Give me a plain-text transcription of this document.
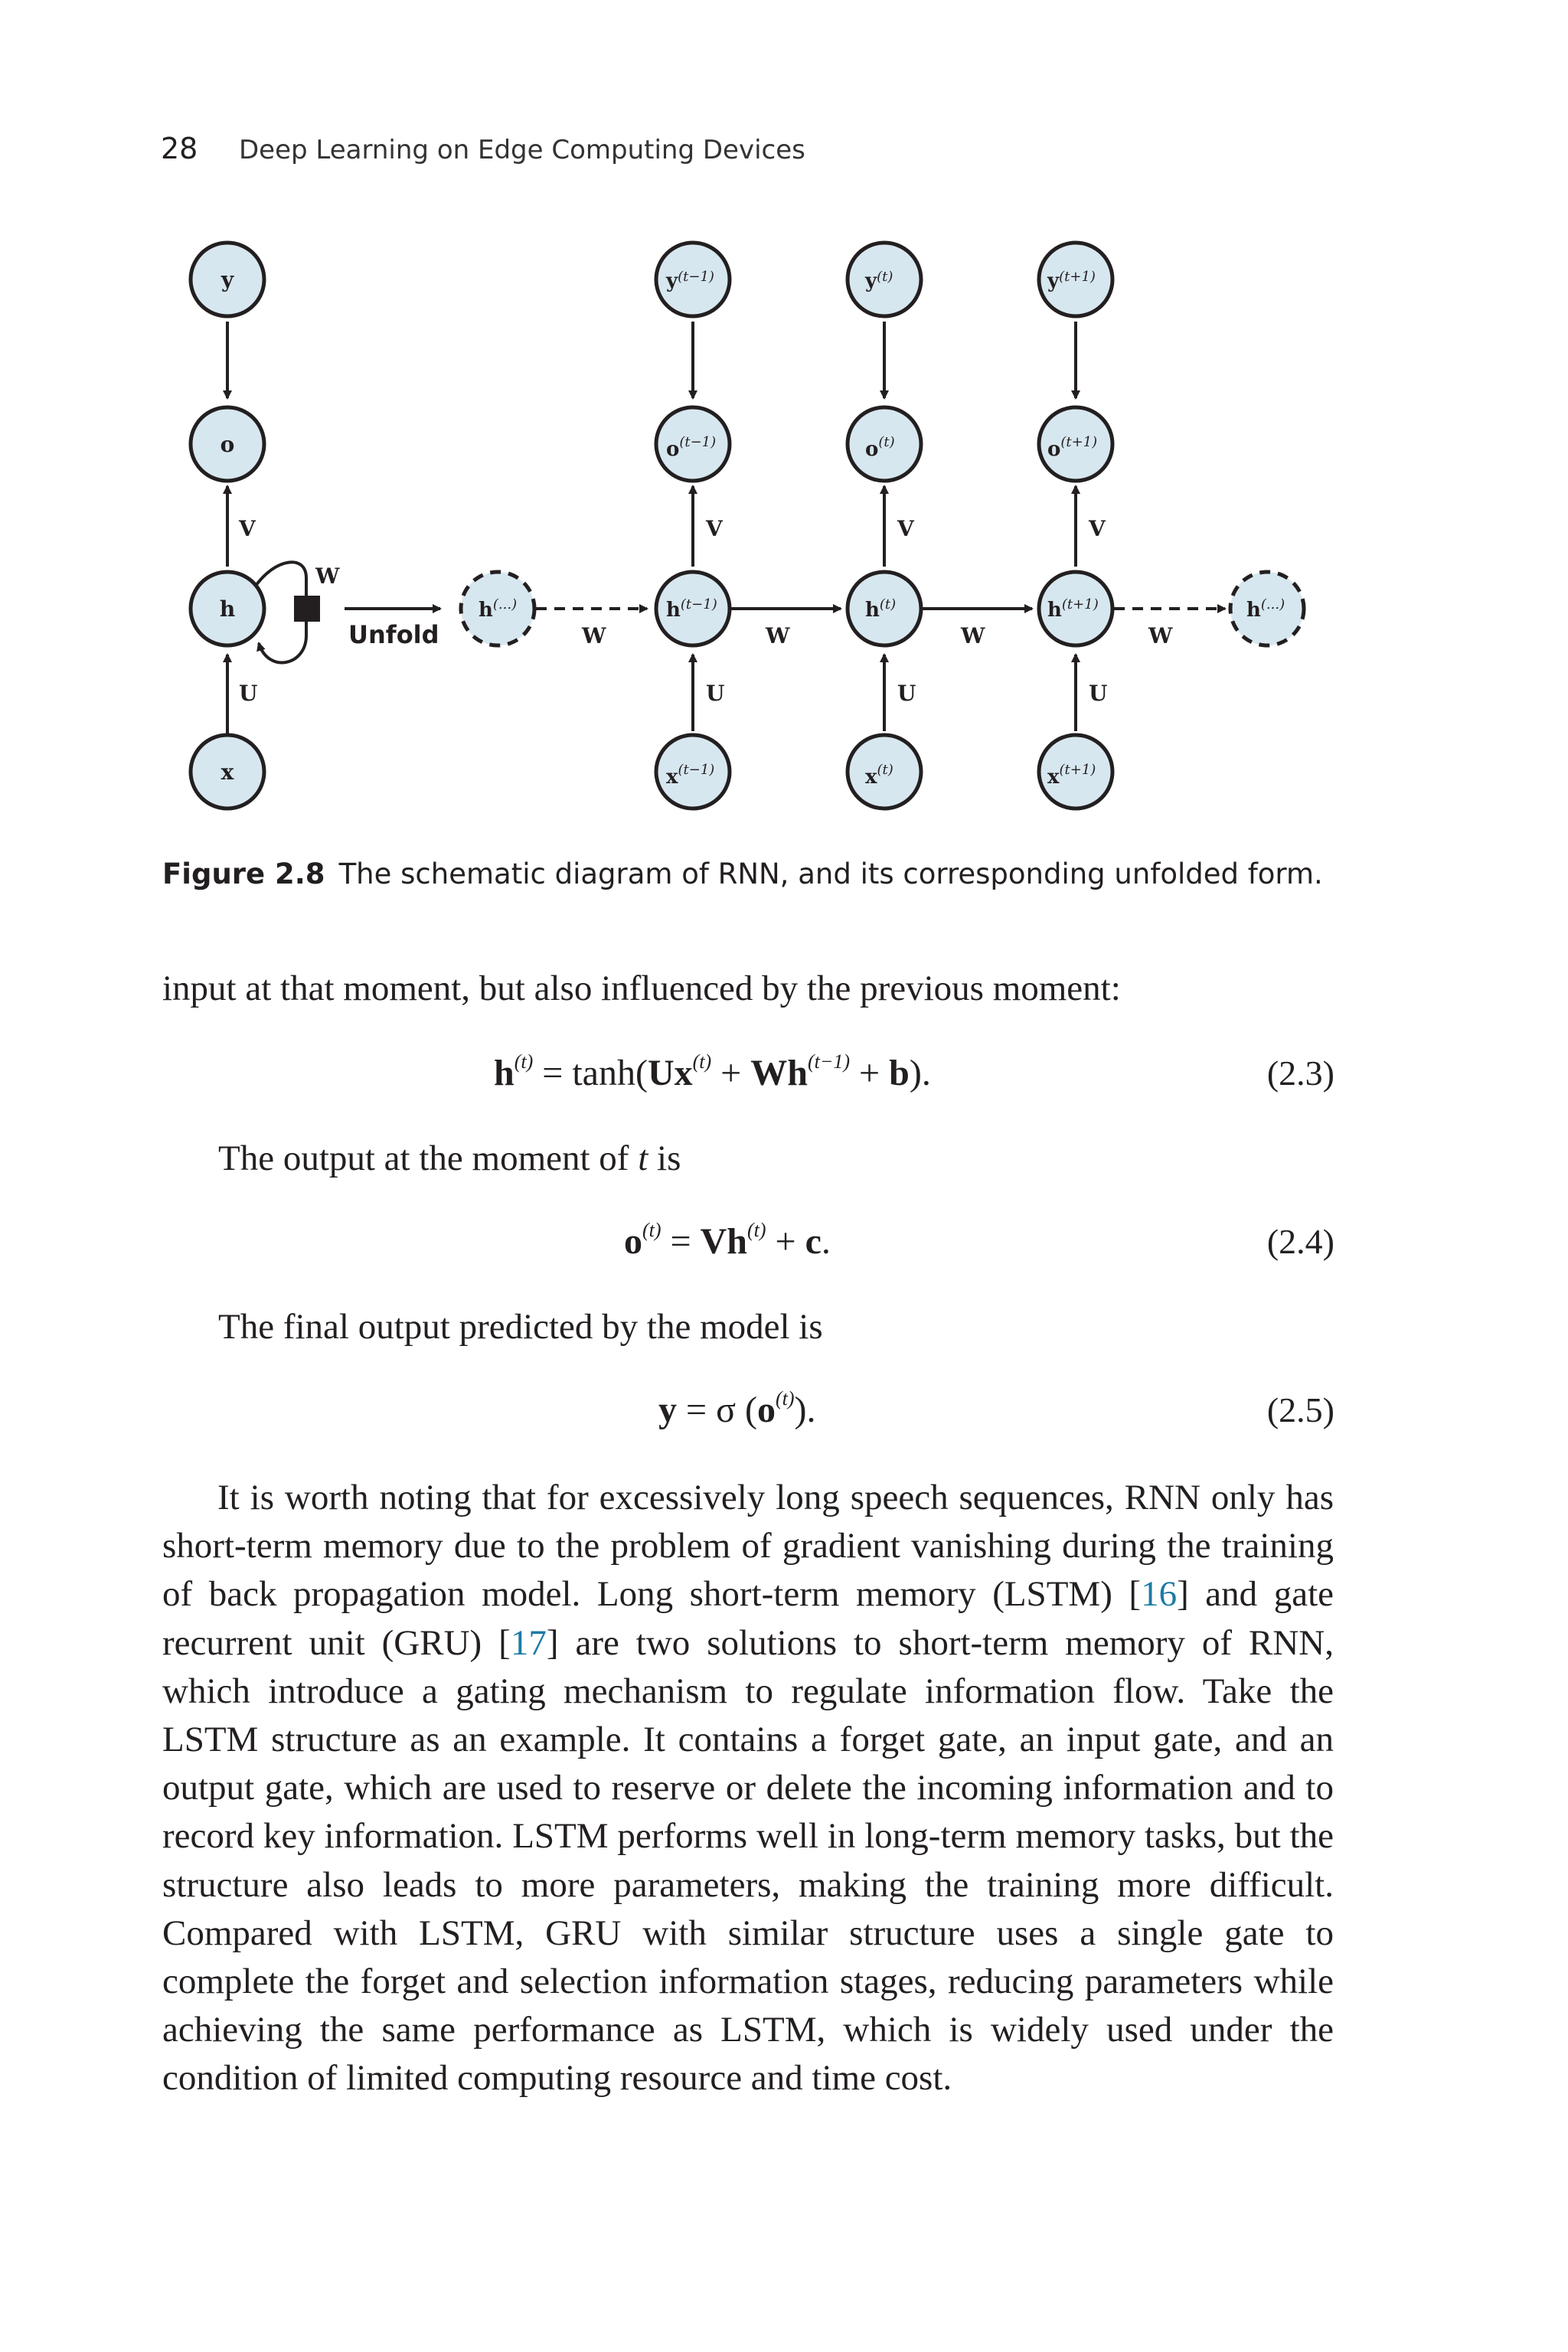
28 Deep Learning on Edge Computing Devices
W
V
U
y
o
h
x
Unfold
h(...)
W
V
U
$y^{(t-1)}$
$o^{(t-1)}$
$h^{(t-1)}$
$x^{(t-1)}$
W
V
U
$y^{(t)}$
$o^{(t)}$
$h^{(t)}$
$x^{(t)}$
W
V
U
$y^{(t+1)}$
$o^{(t+1)}$
$h^{(t+1)}$
$x^{(t+1)}$
W
h(...)
Figure 2.8 The schematic diagram of RNN, and its corresponding unfolded form.
input at that moment, but also influenced by the previous moment:
$h^{(t)} = \tanh(Ux^{(t)} + Wh^{(t-1)} + b)$.	(2.3)
The output at the moment of t is
$o^{(t)} = Vh^{(t)} + c$.	(2.4)
The final output predicted by the model is
y = σ $(o^{(t)})$.	(2.5)
It is worth noting that for excessively long speech sequences, RNN only has short-term memory due to the problem of gradient vanishing during the training of back propagation model. Long short-term memory (LSTM) [16] and gate recurrent unit (GRU) [17] are two solutions to short-term memory of RNN, which introduce a gating mechanism to regulate information flow. Take the LSTM structure as an example. It contains a forget gate, an input gate, and an output gate, which are used to reserve or delete the incoming information and to record key information. LSTM performs well in long-term memory tasks, but the structure also leads to more parameters, making the training more difficult. Compared with LSTM, GRU with similar structure uses a single gate to complete the forget and selection information stages, reducing parameters while achieving the same performance as LSTM, which is widely used under the condition of limited computing resource and time cost.
